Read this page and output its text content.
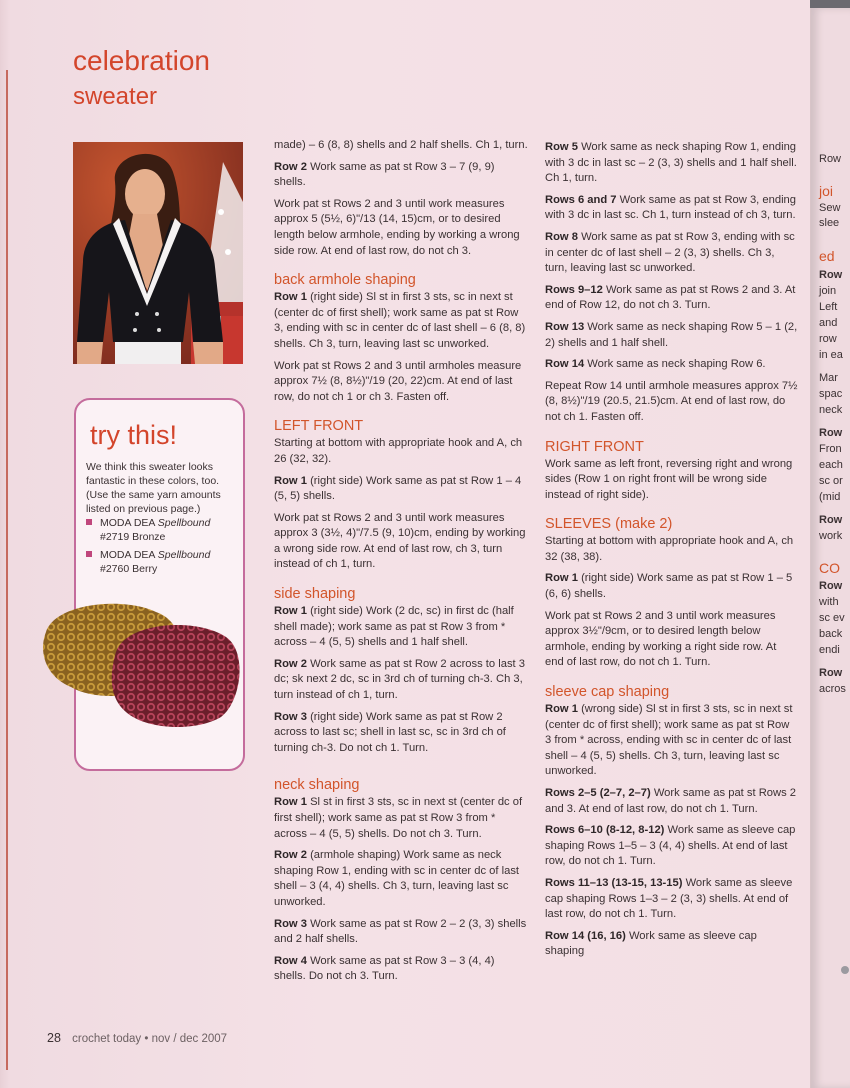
Row
joi
Sew
slee
ed
Row
join
Left
and
row
in ea
Mar
spac
neck
Row
Fron
each
sc or
(mid
Row
work
CO
Row
with
sc ev
back
endi
Row
acros
celebration
sweater
try this!
We think this sweater looks fantastic in these colors, too. (Use the same yarn amounts listed on previous page.)
MODA DEA Spellbound
#2719 Bronze
MODA DEA Spellbound
#2760 Berry

made) – 6 (8, 8) shells and 2 half shells. Ch 1, turn.

Row 2 Work same as pat st Row 3 – 7 (9, 9) shells.

Work pat st Rows 2 and 3 until work measures approx 5 (5½, 6)"/13 (14, 15)cm, or to desired length below armhole, ending by working a wrong side row. At end of last row, do not ch 3.

back armhole shaping

Row 1 (right side) Sl st in first 3 sts, sc in next st (center dc of first shell); work same as pat st Row 3, ending with sc in center dc of last shell – 6 (8, 8) shells. Ch 3, turn, leaving last sc unworked.

Work pat st Rows 2 and 3 until armholes measure approx 7½ (8, 8½)"/19 (20, 22)cm. At end of last row, do not ch 1 or ch 3. Fasten off.

LEFT FRONT

Starting at bottom with appropriate hook and A, ch 26 (32, 32).

Row 1 (right side) Work same as pat st Row 1 – 4 (5, 5) shells.

Work pat st Rows 2 and 3 until work measures approx 3 (3½, 4)"/7.5 (9, 10)cm, ending by working a wrong side row. At end of last row, ch 3, turn instead of ch 1, turn.

side shaping

Row 1 (right side) Work (2 dc, sc) in first dc (half shell made); work same as pat st Row 3 from * across – 4 (5, 5) shells and 1 half shell.

Row 2 Work same as pat st Row 2 across to last 3 dc; sk next 2 dc, sc in 3rd ch of turning ch-3. Ch 3, turn instead of ch 1, turn.

Row 3 (right side) Work same as pat st Row 2 across to last sc; shell in last sc, sc in 3rd ch of turning ch-3. Do not ch 1. Turn.

neck shaping

Row 1 Sl st in first 3 sts, sc in next st (center dc of first shell); work same as pat st Row 3 from * across – 4 (5, 5) shells. Do not ch 3. Turn.

Row 2 (armhole shaping) Work same as neck shaping Row 1, ending with sc in center dc of last shell – 3 (4, 4) shells. Ch 3, turn, leaving last sc unworked.

Row 3 Work same as pat st Row 2 – 2 (3, 3) shells and 2 half shells.

Row 4 Work same as pat st Row 3 – 3 (4, 4) shells. Do not ch 3. Turn.

Row 5 Work same as neck shaping Row 1, ending with 3 dc in last sc – 2 (3, 3) shells and 1 half shell. Ch 1, turn.

Rows 6 and 7 Work same as pat st Row 3, ending with 3 dc in last sc. Ch 1, turn instead of ch 3, turn.

Row 8 Work same as pat st Row 3, ending with sc in center dc of last shell – 2 (3, 3) shells. Ch 3, turn, leaving last sc unworked.

Rows 9–12 Work same as pat st Rows 2 and 3. At end of Row 12, do not ch 3. Turn.

Row 13 Work same as neck shaping Row 5 – 1 (2, 2) shells and 1 half shell.

Row 14 Work same as neck shaping Row 6.

Repeat Row 14 until armhole measures approx 7½ (8, 8½)"/19 (20.5, 21.5)cm. At end of last row, do not ch 1. Fasten off.

RIGHT FRONT

Work same as left front, reversing right and wrong sides (Row 1 on right front will be wrong side instead of right side).

SLEEVES (make 2)

Starting at bottom with appropriate hook and A, ch 32 (38, 38).

Row 1 (right side) Work same as pat st Row 1 – 5 (6, 6) shells.

Work pat st Rows 2 and 3 until work measures approx 3½"/9cm, or to desired length below armhole, ending by working a right side row. At end of last row, do not ch 1. Turn.

sleeve cap shaping

Row 1 (wrong side) Sl st in first 3 sts, sc in next st (center dc of first shell); work same as pat st Row 3 from * across, ending with sc in center dc of last shell – 4 (5, 5) shells. Ch 3, turn, leaving last sc unworked.

Rows 2–5 (2–7, 2–7) Work same as pat st Rows 2 and 3. At end of last row, do not ch 1. Turn.

Rows 6–10 (8-12, 8-12) Work same as sleeve cap shaping Rows 1–5 – 3 (4, 4) shells. At end of last row, do not ch 1. Turn.

Rows 11–13 (13-15, 13-15) Work same as sleeve cap shaping Rows 1–3 – 2 (3, 3) shells. At end of last row, do not ch 1. Turn.

Row 14 (16, 16) Work same as sleeve cap shaping

28 crochet today • nov / dec 2007
